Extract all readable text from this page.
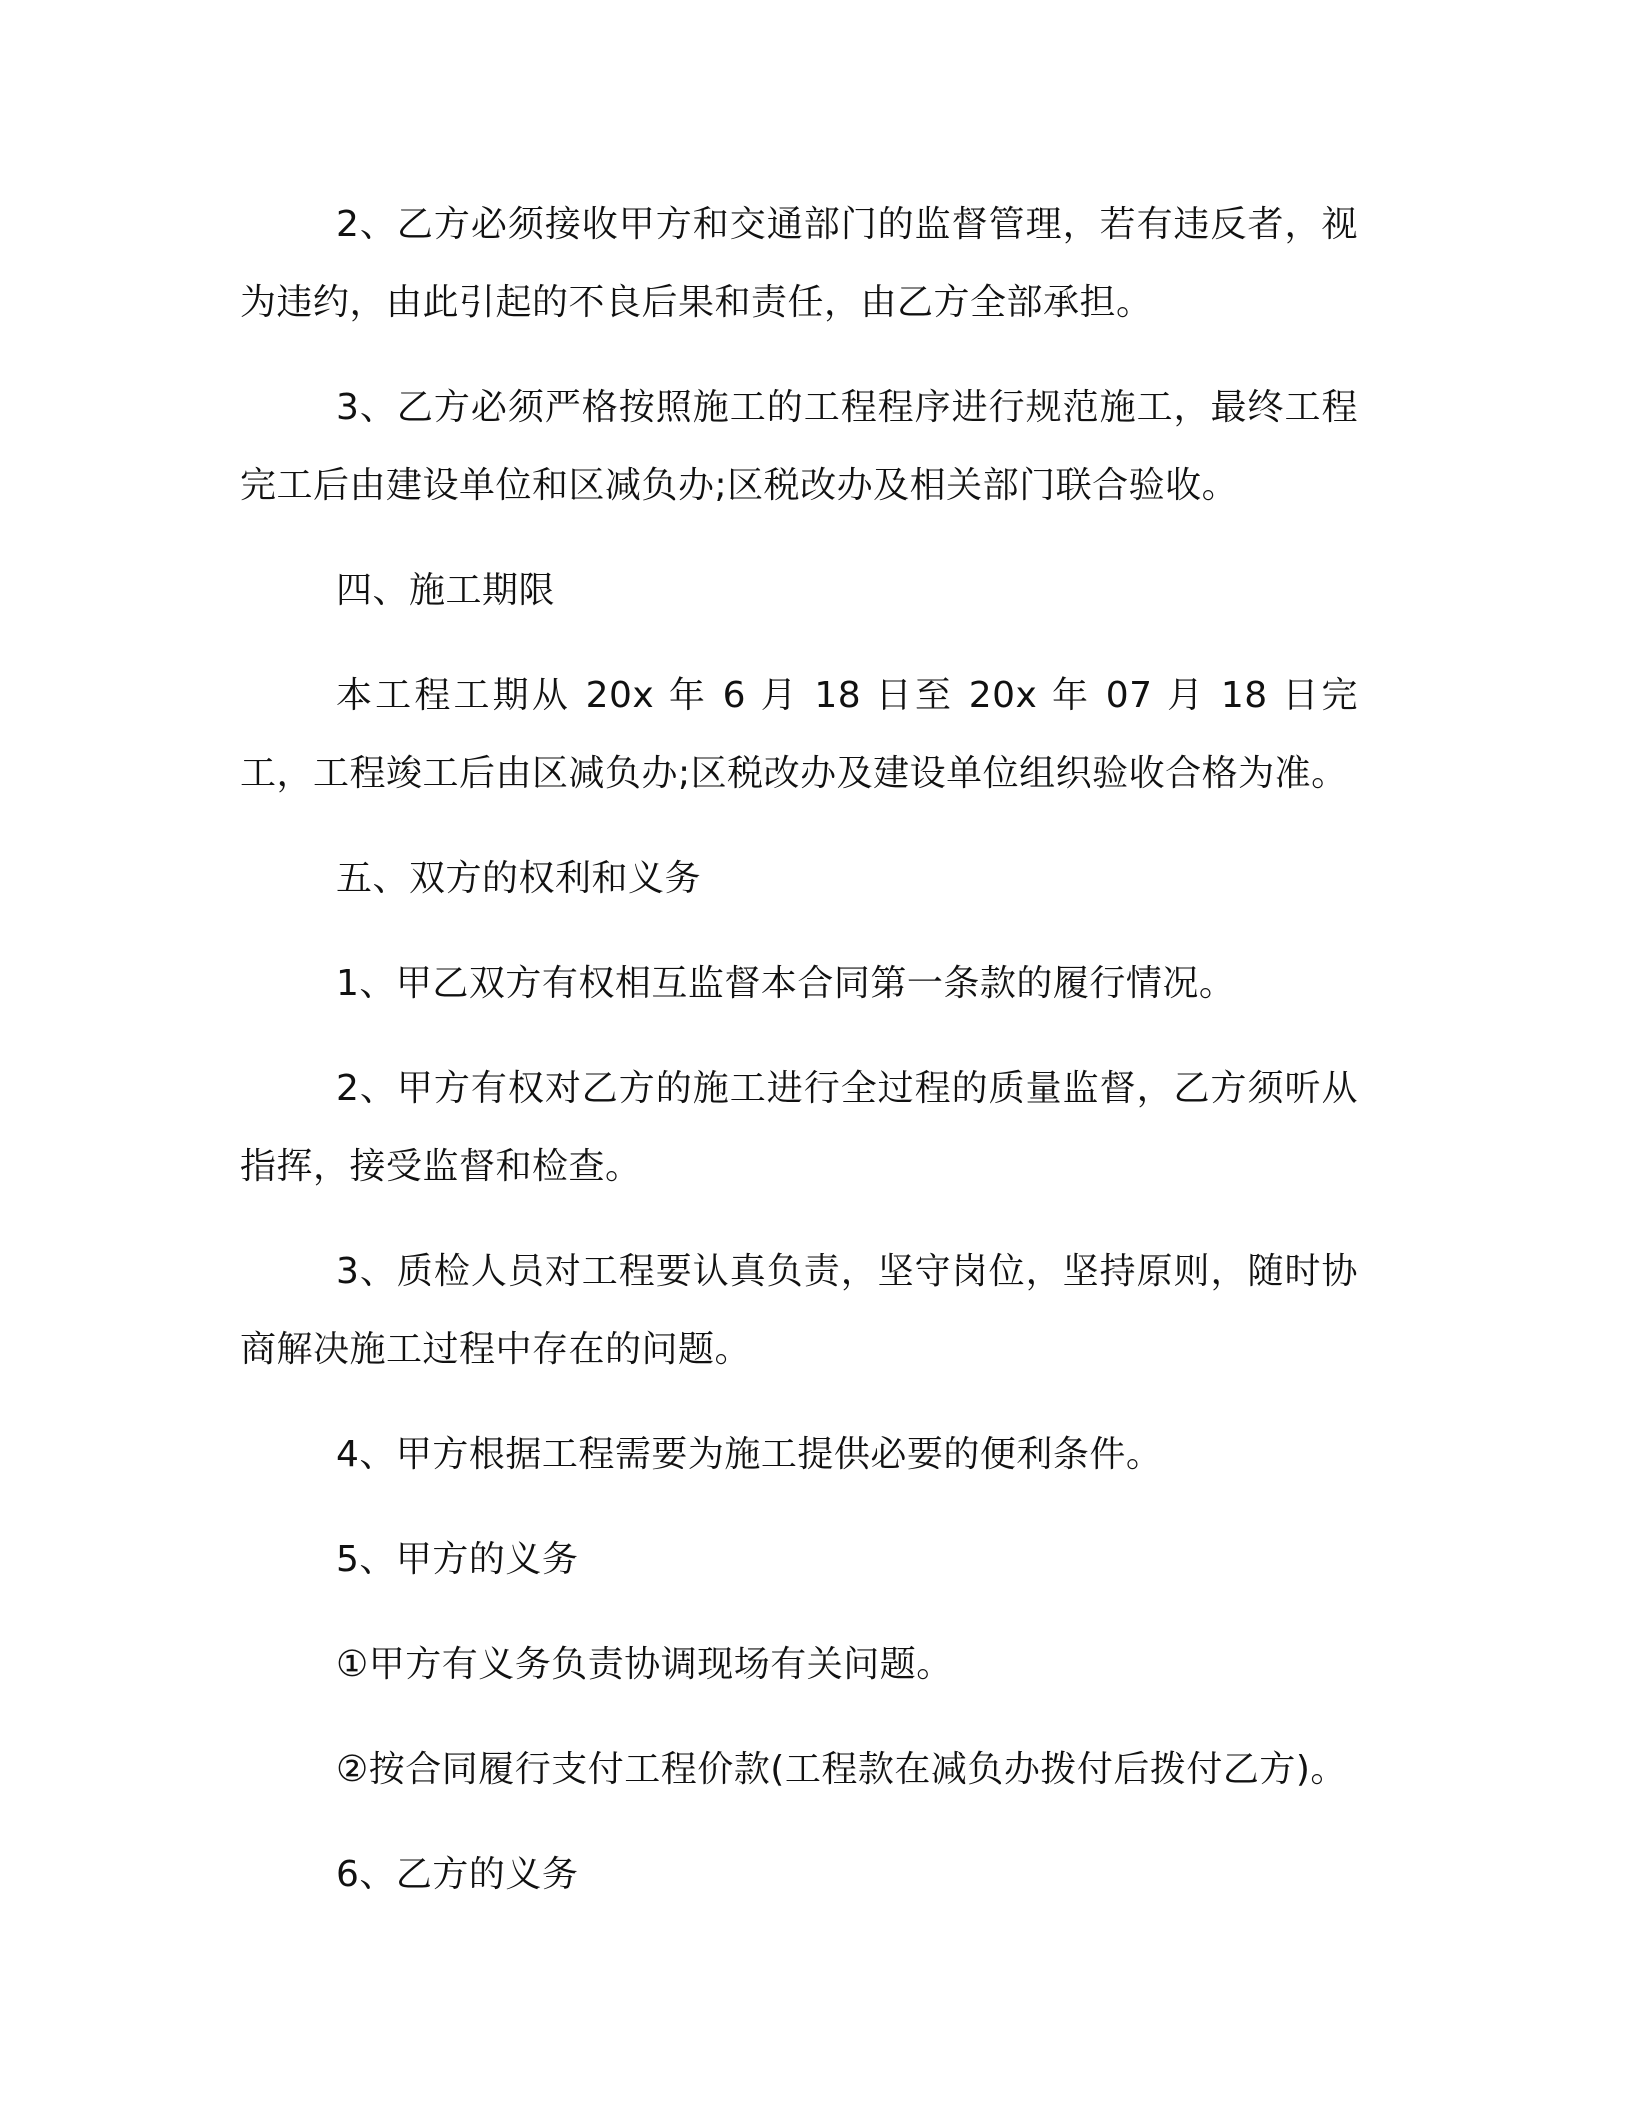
2、乙方必须接收甲方和交通部门的监督管理，若有违反者，视为违约，由此引起的不良后果和责任，由乙方全部承担。

3、乙方必须严格按照施工的工程程序进行规范施工，最终工程完工后由建设单位和区减负办;区税改办及相关部门联合验收。

四、施工期限

本工程工期从 20x 年 6 月 18 日至 20x 年 07 月 18 日完工，工程竣工后由区减负办;区税改办及建设单位组织验收合格为准。

五、双方的权利和义务

1、甲乙双方有权相互监督本合同第一条款的履行情况。

2、甲方有权对乙方的施工进行全过程的质量监督，乙方须听从指挥，接受监督和检查。

3、质检人员对工程要认真负责，坚守岗位，坚持原则，随时协商解决施工过程中存在的问题。

4、甲方根据工程需要为施工提供必要的便利条件。

5、甲方的义务

①甲方有义务负责协调现场有关问题。

②按合同履行支付工程价款(工程款在减负办拨付后拨付乙方)。

6、乙方的义务
